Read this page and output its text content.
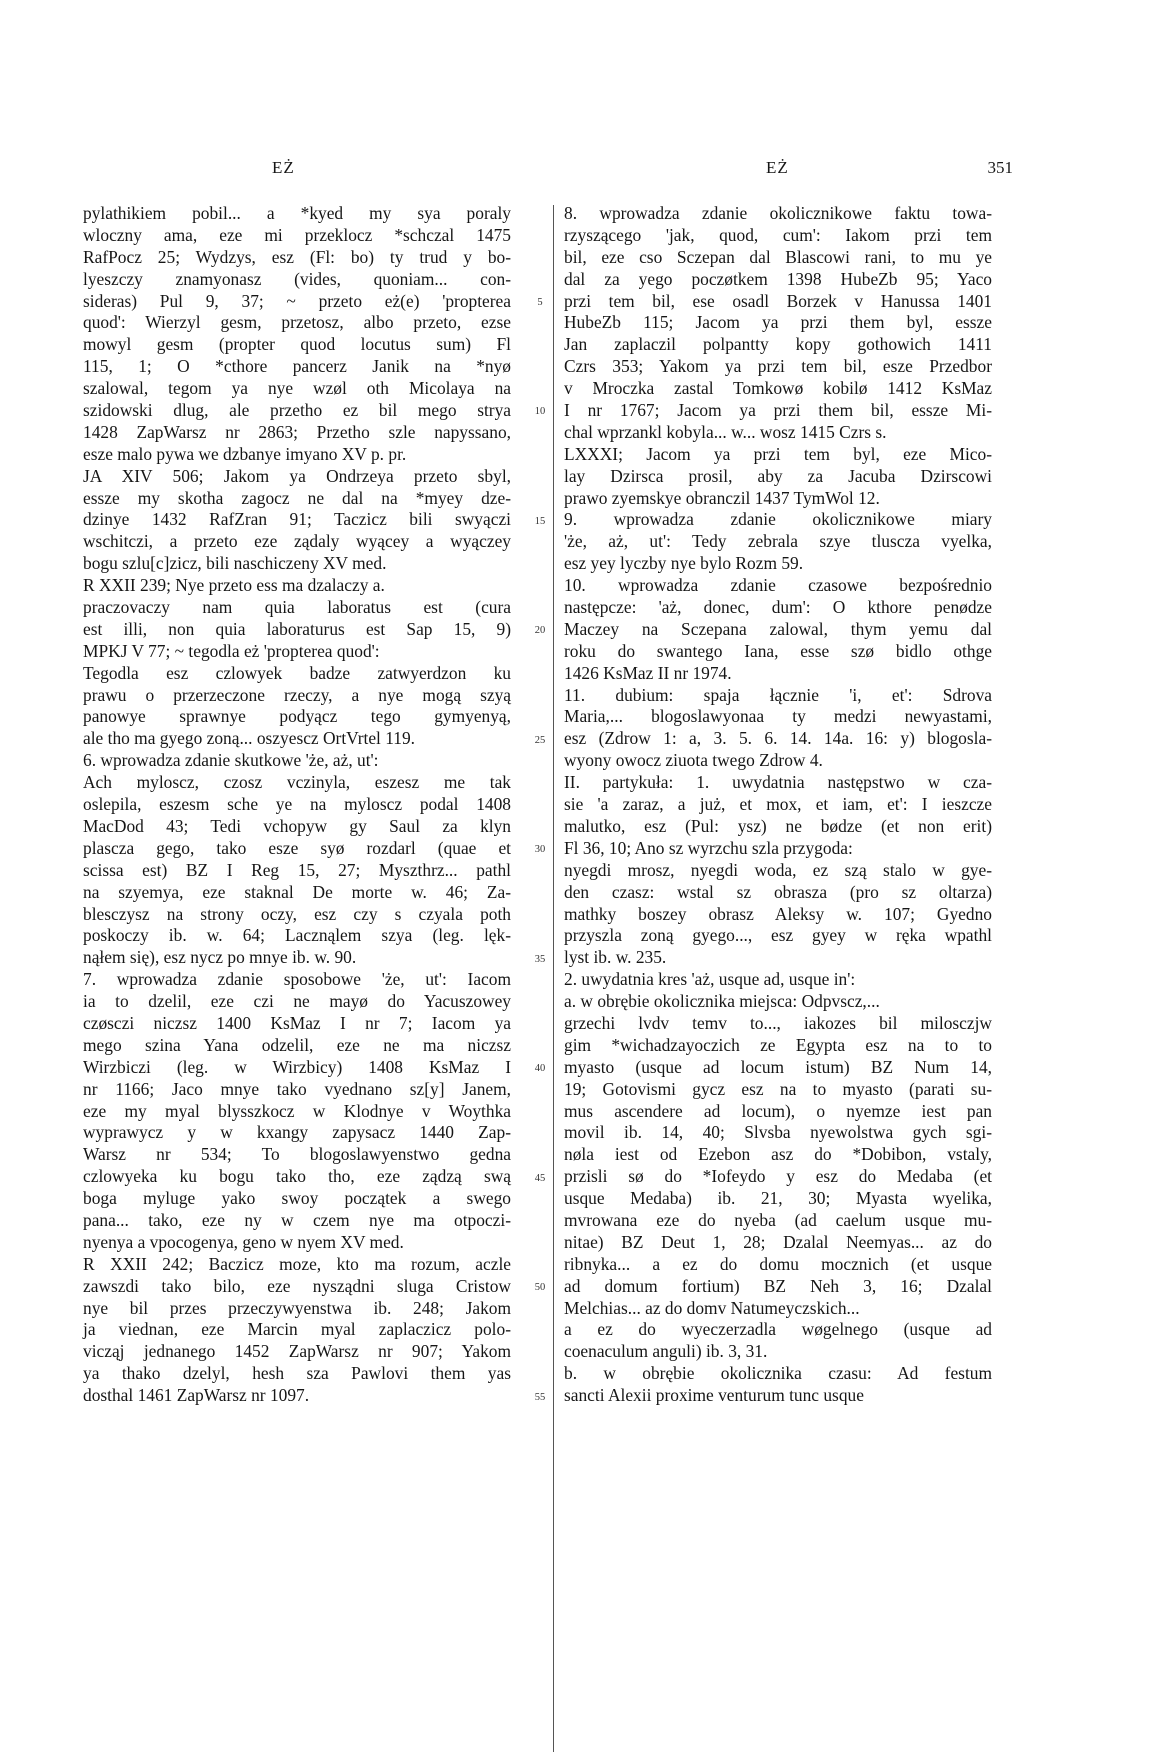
EŻ	EŻ	351
pylathikiem pobil... a *kyed my sya poraly
wloczny ama, eze mi przeklocz *schczal 1475
RafPocz 25; Wydzys, esz (Fl: bo) ty trud y bo-
lyeszczy znamyonasz (vides, quoniam... con-
sideras) Pul 9, 37; ~ przeto eż(e) 'propterea
quod': Wierzyl gesm, przetosz, albo przeto, ezse
mowyl gesm (propter quod locutus sum) Fl
115, 1; O *cthore pancerz Janik na *nyø
szalowal, tegom ya nye wzøl oth Micolaya na
szidowski dlug, ale przetho ez bil mego strya
1428 ZapWarsz nr 2863; Przetho szle napyssano,
esze malo pywa we dzbanye imyano XV p. pr.
JA XIV 506; Jakom ya Ondrzeya przeto sbyl,
essze my skotha zagocz ne dal na *myey dze-
dzinye 1432 RafZran 91; Taczicz bili swyączi
wschitczi, a przeto eze ządaly wyącey a wyączey
bogu szlu[c]zicz, bili naschiczeny XV med.
R XXII 239; Nye przeto ess ma dzalaczy a.
praczovaczy nam quia laboratus est (cura
est illi, non quia laboraturus est Sap 15, 9)
MPKJ V 77; ~ tegodla eż 'propterea quod':
Tegodla esz czlowyek badze zatwyerdzon ku
prawu o przerzeczone rzeczy, a nye mogą szyą
panowye sprawnye podyącz tego gymyenyą,
ale tho ma gyego zoną... oszyescz OrtVrtel 119.
6. wprowadza zdanie skutkowe 'że, aż, ut':
Ach myloscz, czosz vczinyla, eszesz me tak
oslepila, eszesm sche ye na myloscz podal 1408
MacDod 43; Tedi vchopyw gy Saul za klyn
plascza gego, tako esze syø rozdarl (quae et
scissa est) BZ I Reg 15, 27; Myszthrz... pathl
na szyemya, eze staknal De morte w. 46; Za-
blesczysz na strony oczy, esz czy s czyala poth
poskoczy ib. w. 64; Lacznąlem szya (leg. lęk-
nąłem się), esz nycz po mnye ib. w. 90.
7. wprowadza zdanie sposobowe 'że, ut': Iacom
ia to dzelil, eze czi ne mayø do Yacuszowey
czøsczi niczsz 1400 KsMaz I nr 7; Iacom ya
mego szina Yana odzelil, eze ne ma niczsz
Wirzbiczi (leg. w Wirzbicy) 1408 KsMaz I
nr 1166; Jaco mnye tako vyednano sz[y] Janem,
eze my myal blysszkocz w Klodnye v Woythka
wyprawycz y w kxangy zapysacz 1440 Zap-
Warsz nr 534; To blogoslawyenstwo gedna
czlowyeka ku bogu tako tho, eze ządzą swą
boga myluge yako swoy początek a swego
pana... tako, eze ny w czem nye ma otpoczi-
nyenya a vpocogenya, geno w nyem XV med.
R XXII 242; Baczicz moze, kto ma rozum, aczle
zawszdi tako bilo, eze nysządni sluga Cristow
nye bil przes przeczywyenstwa ib. 248; Jakom
ja viednan, eze Marcin myal zaplaczicz polo-
vicząj jednanego 1452 ZapWarsz nr 907; Yakom
ya thako dzelyl, hesh sza Pawlovi them yas
dosthal 1461 ZapWarsz nr 1097.
5
10
15
20
25
30
35
40
45
50
55
8. wprowadza zdanie okolicznikowe faktu towa-
rzyszącego 'jak, quod, cum': Iakom przi tem
bil, eze cso Sczepan dal Blascowi rani, to mu ye
dal za yego poczøtkem 1398 HubeZb 95; Yaco
przi tem bil, ese osadl Borzek v Hanussa 1401
HubeZb 115; Jacom ya przi them byl, essze
Jan zaplaczil polpantty kopy gothowich 1411
Czrs 353; Yakom ya przi tem bil, esze Przedbor
v Mroczka zastal Tomkowø kobilø 1412 KsMaz
I nr 1767; Jacom ya przi them bil, essze Mi-
chal wprzankl kobyla... w... wosz 1415 Czrs s.
LXXXI; Jacom ya przi tem byl, eze Mico-
lay Dzirsca prosil, aby za Jacuba Dzirscowi
prawo zyemskye obranczil 1437 TymWol 12.
9. wprowadza zdanie okolicznikowe miary
'że, aż, ut': Tedy zebrala szye tluscza vyelka,
esz yey lyczby nye bylo Rozm 59.
10. wprowadza zdanie czasowe bezpośrednio
następcze: 'aż, donec, dum': O kthore penødze
Maczey na Sczepana zalowal, thym yemu dal
roku do swantego Iana, esse szø bidlo othge
1426 KsMaz II nr 1974.
11. dubium: spaja łącznie 'i, et': Sdrova
Maria,... blogoslawyonaa ty medzi newyastami,
esz (Zdrow 1: a, 3. 5. 6. 14. 14a. 16: y) blogosla-
wyony owocz ziuota twego Zdrow 4.
II. partykuła: 1. uwydatnia następstwo w cza-
sie 'a zaraz, a już, et mox, et iam, et': I ieszcze
malutko, esz (Pul: ysz) ne bødze (et non erit)
Fl 36, 10; Ano sz wyrzchu szla przygoda:
nyegdi mrosz, nyegdi woda, ez szą stalo w gye-
den czasz: wstal sz obrasza (pro sz oltarza)
mathky boszey obrasz Aleksy w. 107; Gyedno
przyszla zoną gyego..., esz gyey w ręka wpathl
lyst ib. w. 235.
2. uwydatnia kres 'aż, usque ad, usque in':
a. w obrębie okolicznika miejsca: Odpvscz,...
grzechi lvdv temv to..., iakozes bil milosczjw
gim *wichadzayoczich ze Egypta esz na to to
myasto (usque ad locum istum) BZ Num 14,
19; Gotovismi gycz esz na to myasto (parati su-
mus ascendere ad locum), o nyemze iest pan
movil ib. 14, 40; Slvsba nyewolstwa gych sgi-
nøla iest od Ezebon asz do *Dobibon, vstaly,
przisli sø do *Iofeydo y esz do Medaba (et
usque Medaba) ib. 21, 30; Myasta wyelika,
mvrowana eze do nyeba (ad caelum usque mu-
nitae) BZ Deut 1, 28; Dzalal Neemyas... az do
ribnyka... a ez do domu mocznich (et usque
ad domum fortium) BZ Neh 3, 16; Dzalal
Melchias... az do domv Natumeyczskich...
a ez do wyeczerzadla wøgelnego (usque ad
coenaculum anguli) ib. 3, 31.
b. w obrębie okolicznika czasu: Ad festum
sancti Alexii proxime venturum tunc usque
